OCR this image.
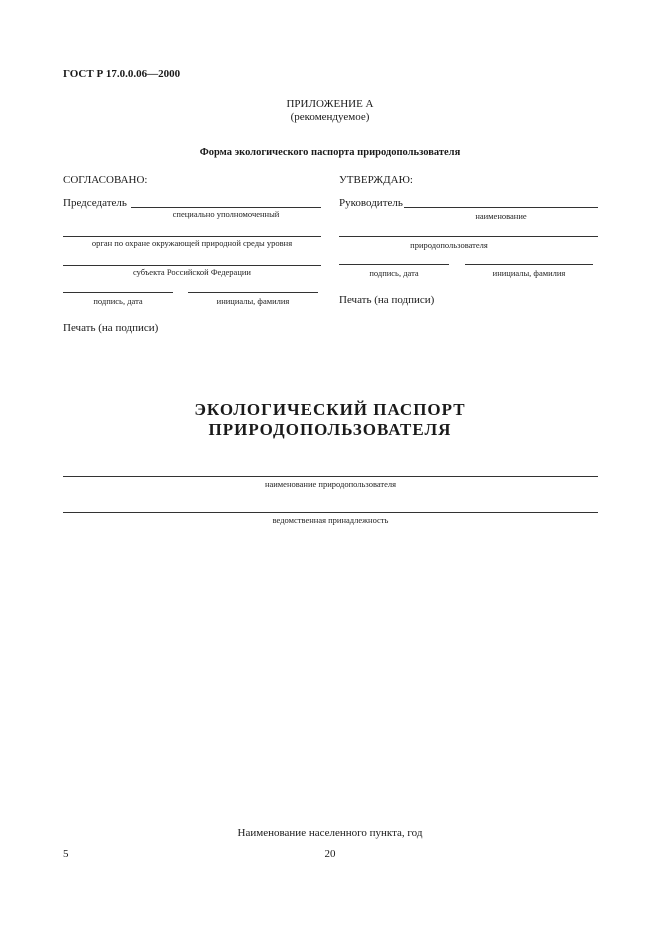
ГОСТ Р 17.0.0.06—2000
ПРИЛОЖЕНИЕ А
(рекомендуемое)
Форма экологического паспорта природопользователя
СОГЛАСОВАНО:
Председатель
специально уполномоченный
орган по охране окружающей природной среды уровня
субъекта Российской Федерации
подпись, дата	инициалы, фамилия
Печать (на подписи)
УТВЕРЖДАЮ:
Руководитель
наименование
природопользователя
подпись, дата	инициалы, фамилия
Печать (на подписи)
ЭКОЛОГИЧЕСКИЙ ПАСПОРТ
ПРИРОДОПОЛЬЗОВАТЕЛЯ
наименование природопользователя
ведомственная принадлежность
Наименование населенного пункта, год
5	20
